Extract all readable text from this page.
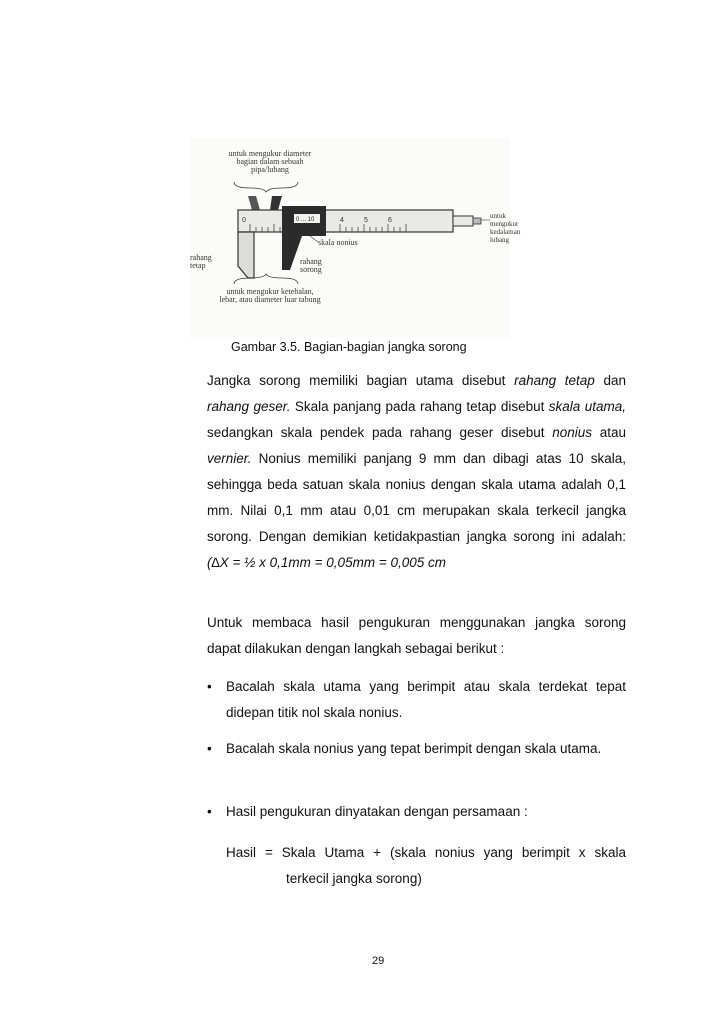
0	4	5	6
0 ... 10
untuk mengukur diameter bagian dalam sebuah pipa/lubang
untuk mengukur kedalaman lubang
skala nonius
rahang tetap	rahang sorong
untuk mengukur ketebalan, lebar, atau diameter luar tabung
Gambar 3.5. Bagian-bagian jangka sorong

Jangka sorong memiliki bagian utama disebut rahang tetap dan rahang geser. Skala panjang pada rahang tetap disebut skala utama, sedangkan skala pendek pada rahang geser disebut nonius atau vernier. Nonius memiliki panjang 9 mm dan dibagi atas 10 skala, sehingga beda satuan skala nonius dengan skala utama adalah 0,1 mm. Nilai 0,1 mm atau 0,01 cm merupakan skala terkecil jangka sorong. Dengan demikian ketidakpastian jangka sorong ini adalah: (∆X = ½ x 0,1mm = 0,05mm = 0,005 cm

Untuk membaca hasil pengukuran menggunakan jangka sorong dapat dilakukan dengan langkah sebagai berikut :

• Bacalah skala utama yang berimpit atau skala terdekat tepat didepan titik nol skala nonius.
• Bacalah skala nonius yang tepat berimpit dengan skala utama.
• Hasil pengukuran dinyatakan dengan persamaan :
Hasil = Skala Utama + (skala nonius yang berimpit x skala
terkecil jangka sorong)
29
